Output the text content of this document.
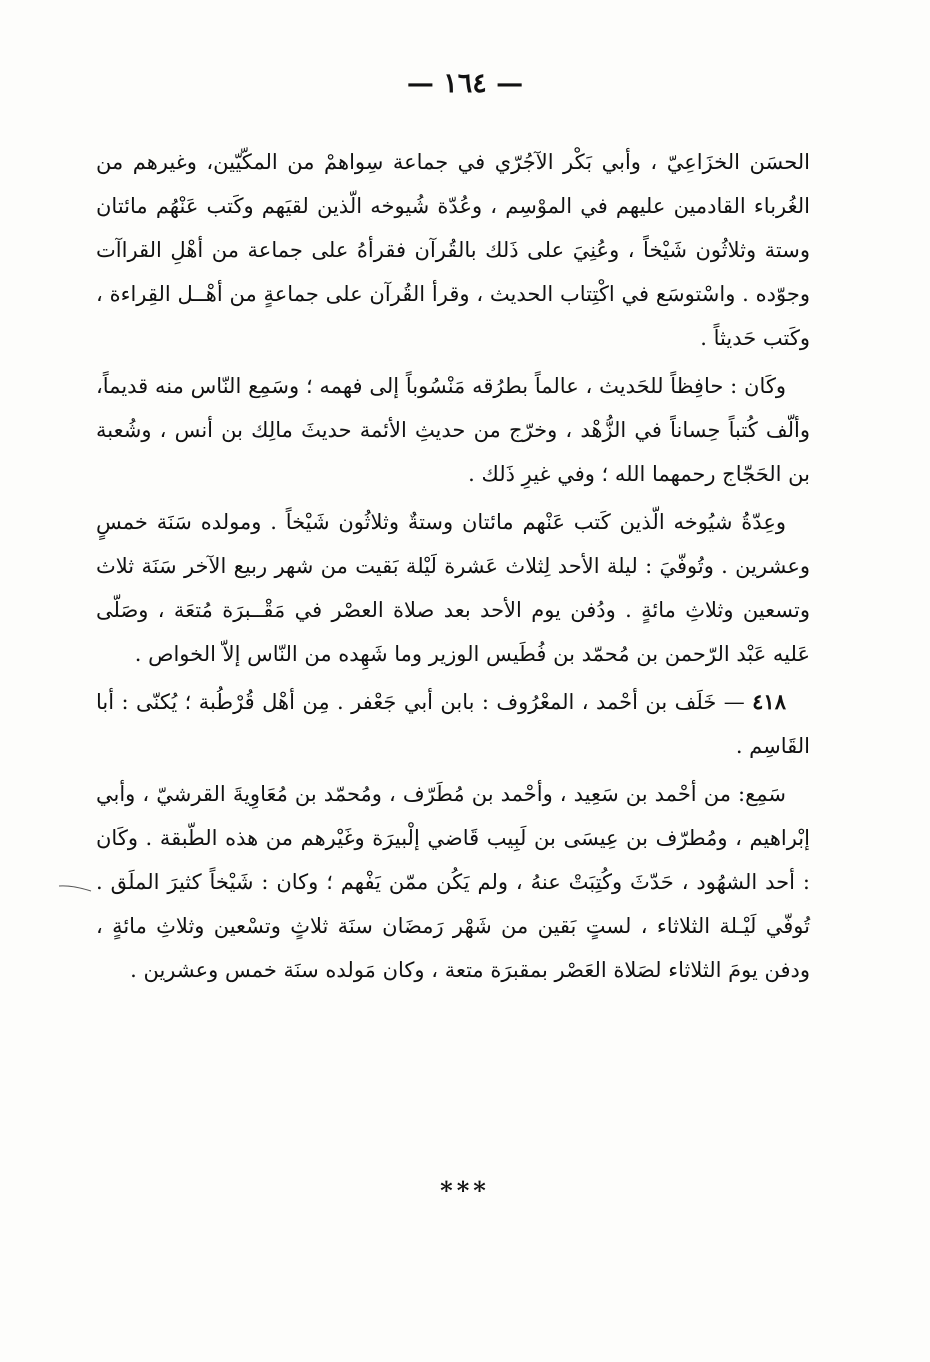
— ١٦٤ —

الحسَن الخزَاعِيّ ، وأبي بَكْر الآجُرّي في جماعة سِواهمْ من المكّيّين، وغيرهم من الغُرباء القادمين عليهم في الموْسِم ، وعُدّة شُيوخه الّذين لقيَهم وكَتب عَنْهُم مائتان وستة وثلاثُون شَيْخاً ، وعُنِيَ على ذَلك بالقُرآن فقرأهُ على جماعة من أهْلِ القراآت وجوّده . واسْتوسَع في اكْتِتاب الحديث ، وقرأ القُرآن على جماعةٍ من أهْــل القِراءة ، وكَتب حَديثاً .

وكَان : حافِظاً للحَديث ، عالماً بطرُقه مَنْسُوباً إلى فهمه ؛ وسَمِع النّاس منه قديماً، وألّف كُتباً حِساناً في الزُّهْد ، وخرّج من حديثِ الأئمة حديثَ مالِك بن أنس ، وشُعبة بن الحَجّاج رحمهما الله ؛ وفي غيرِ ذَلك .

وعِدّةُ شيُوخه الّذين كَتب عَنْهم مائتان وستةٌ وثلاثُون شَيْخاً . ومولده سَنَة خمسٍ وعشرين . وتُوفّيَ : ليلة الأحد لِثلاث عَشرة لَيْلة بَقيت من شهر ربيع الآخر سَنَة ثلاث وتسعين وثلاثِ مائةٍ . ودُفن يوم الأحد بعد صلاة العصْر في مَقْــبرَة مُتعَة ، وصَلّى عَليه عَبْد الرّحمن بن مُحمّد بن فُطَيس الوزير وما شَهِده من النّاس إلاّ الخواص .

٤١٨ — خَلَف بن أحْمد ، المعْرُوف : بابن أبي جَعْفر . مِن أهْل قُرْطُبة ؛ يُكنّى : أبا القَاسِم .

سَمِع: من أحْمد بن سَعِيد ، وأحْمد بن مُطَرّف ، ومُحمّد بن مُعَاوِيةَ القرشيّ ، وأبي إبْراهيم ، ومُطرّف بن عِيسَى بن لَبِيب قَاضي إلْبيرَة وغَيْرهم من هذه الطّبقة . وكَان : أحد الشهُود ، حَدّثَ وكُتِبَتْ عنهُ ، ولم يَكُن ممّن يَفْهم ؛ وكان : شَيْخاً كثيرَ الملَق . تُوفّي لَيْـلة الثلاثاء ، لستٍ بَقين من شَهْر رَمضَان سنَة ثلاثٍ وتسْعين وثلاثِ مائةٍ ، ودفن يومَ الثلاثاء لصَلاة العَصْر بمقبرَة متعة ، وكان مَولده سنَة خمس وعشرين .

***
